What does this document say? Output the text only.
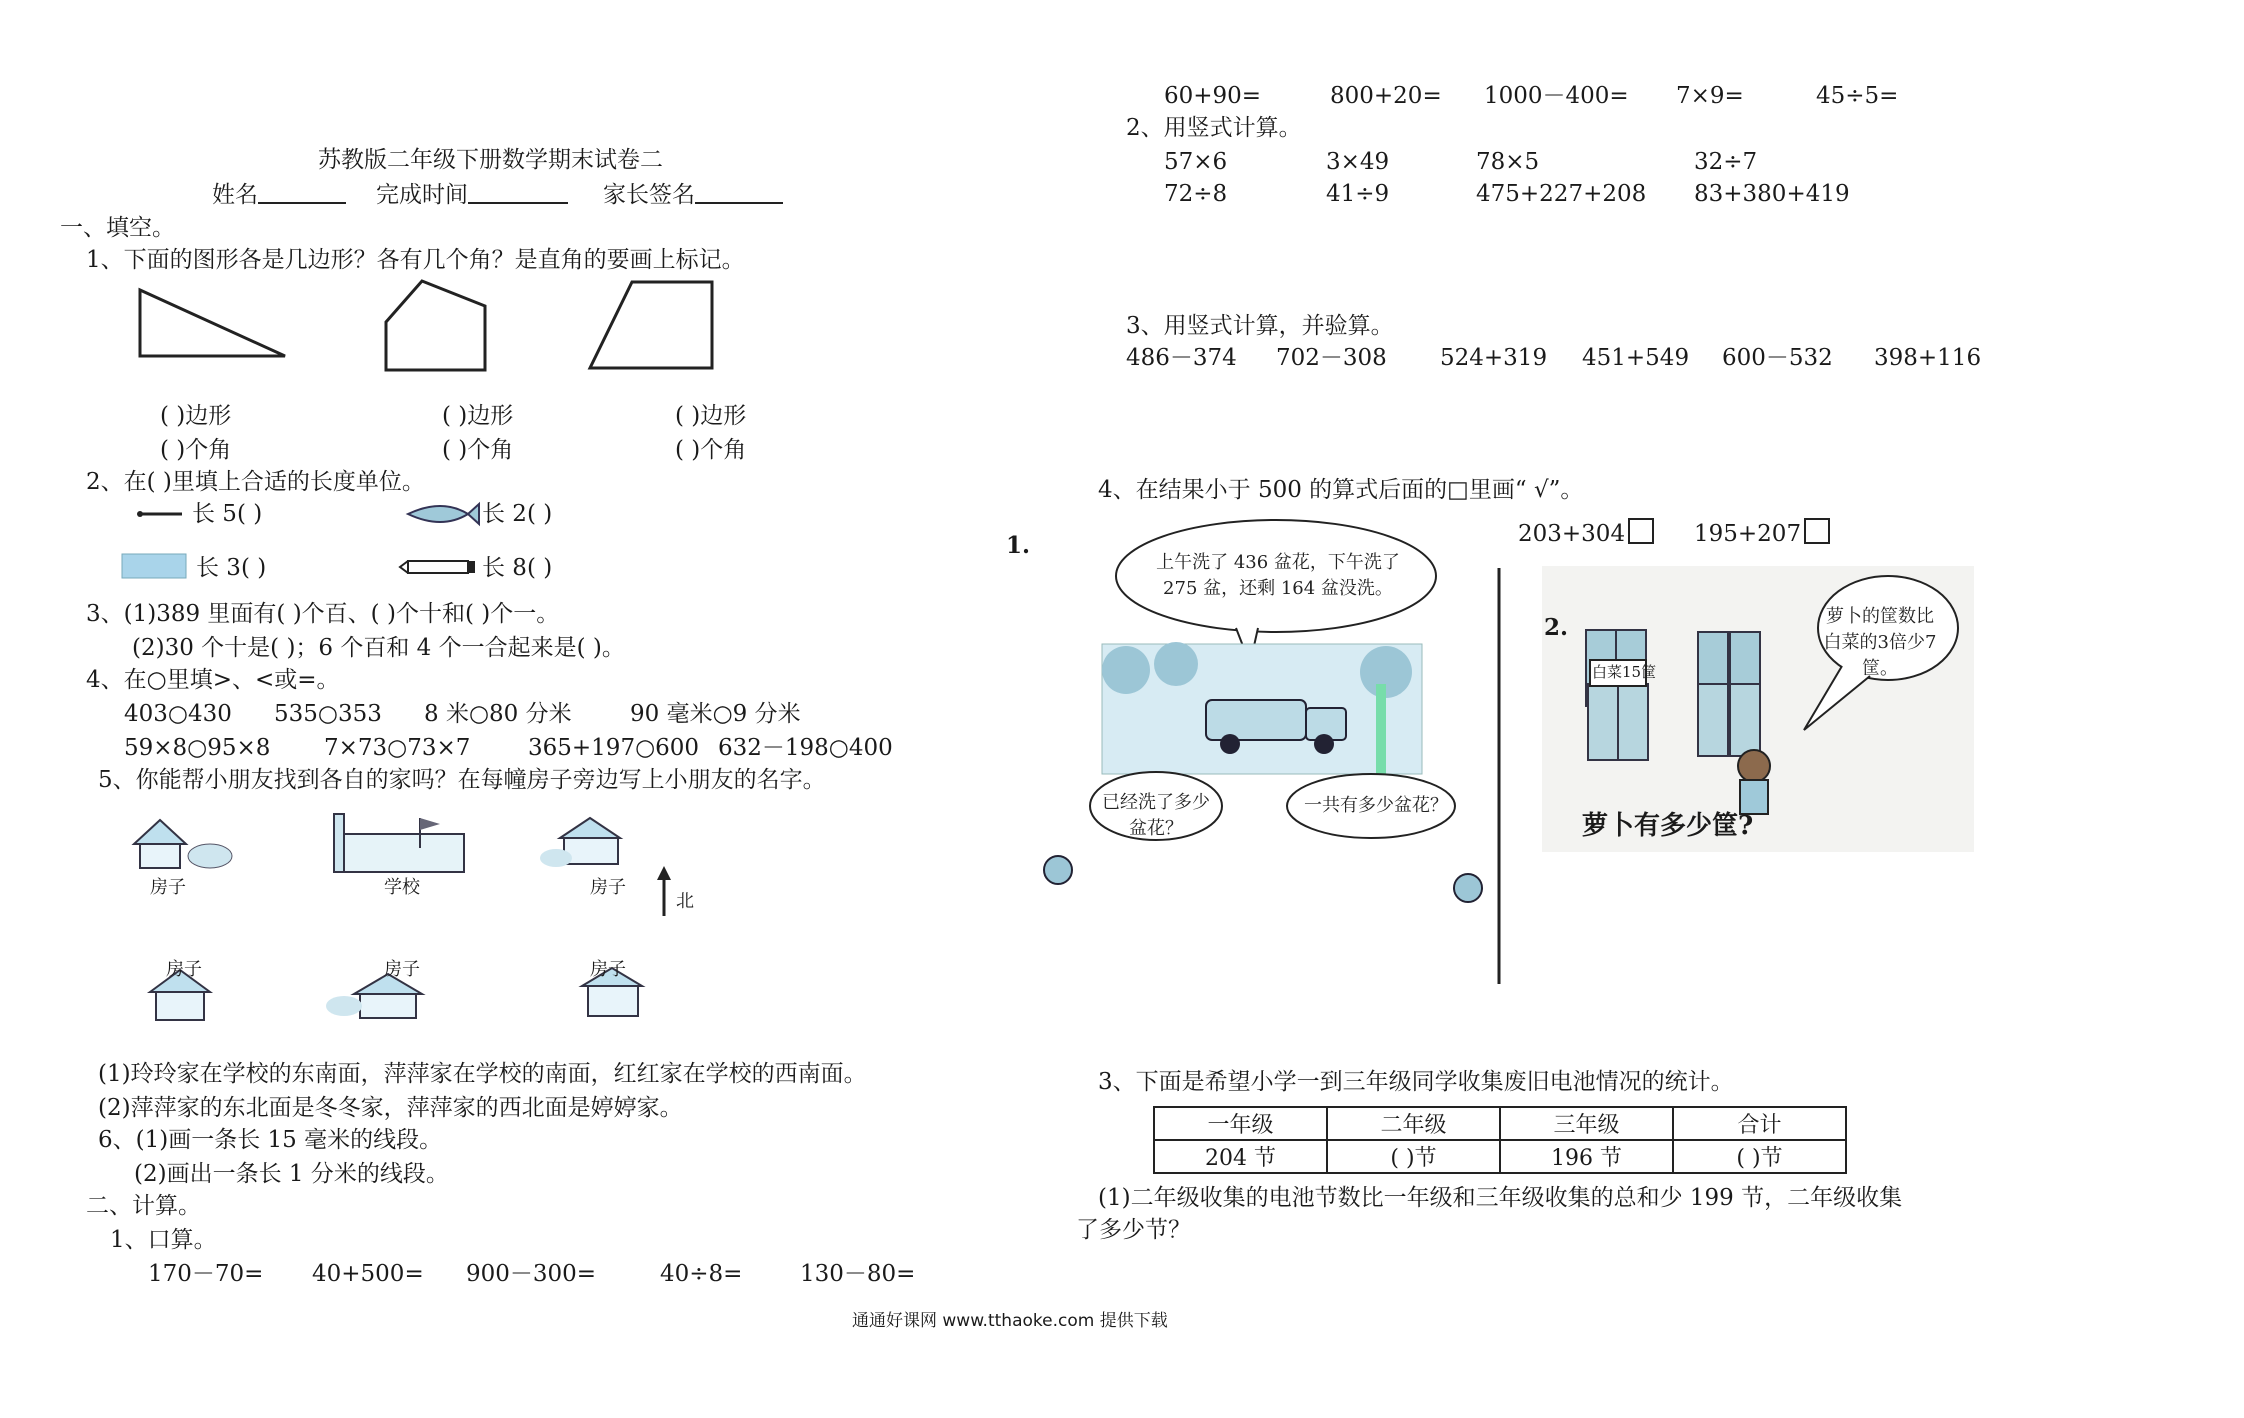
苏教版二年级下册数学期末试卷二
姓名	完成时间	家长签名
一、填空。
1、下面的图形各是几边形？各有几个角？是直角的要画上标记。
( )边形	( )边形	( )边形
( )个角	( )个角	( )个角
2、在( )里填上合适的长度单位。
长 5( )	长 2( )
长 3( )	长 8( )
3、(1)389 里面有( )个百、( )个十和( )个一。
(2)30 个十是( )；6 个百和 4 个一合起来是( )。
4、在○里填>、<或=。
403○430 535○353 8 米○80 分米	90 毫米○9 分米
59×8○95×8 7×73○73×7	365+197○600 632－198○400
5、你能帮小朋友找到各自的家吗？在每幢房子旁边写上小朋友的名字。
房子	学校	房子
北
房子	房子	房子
(1)玲玲家在学校的东南面，萍萍家在学校的南面，红红家在学校的西南面。
(2)萍萍家的东北面是冬冬家，萍萍家的西北面是婷婷家。
6、(1)画一条长 15 毫米的线段。
(2)画出一条长 1 分米的线段。
二、计算。
1、口算。
170－70= 40+500= 900－300=	40÷8=	130－80=
60+90=	800+20= 1000－400= 7×9=	45÷5=
2、用竖式计算。
57×6	3×49	78×5	32÷7
72÷8	41÷9	475+227+208 83+380+419
3、用竖式计算，并验算。
486－374 702－308 524+319 451+549 600－532 398+116
4、在结果小于 500 的算式后面的□里画“ √”。
203+304	195+207
1.
上午洗了 436 盆花，下午洗了 275 盆，还剩 164 盆没洗。
已经洗了多少盆花？
一共有多少盆花？
2.
白菜15筐
萝卜的筐数比白菜的3倍少7筐。
萝卜有多少筐?
3、下面是希望小学一到三年级同学收集废旧电池情况的统计。
一年级	二年级	三年级	合计
204 节	( )节	196 节	( )节
(1)二年级收集的电池节数比一年级和三年级收集的总和少 199 节，二年级收集
了多少节？
通通好课网 www.tthaoke.com 提供下载
